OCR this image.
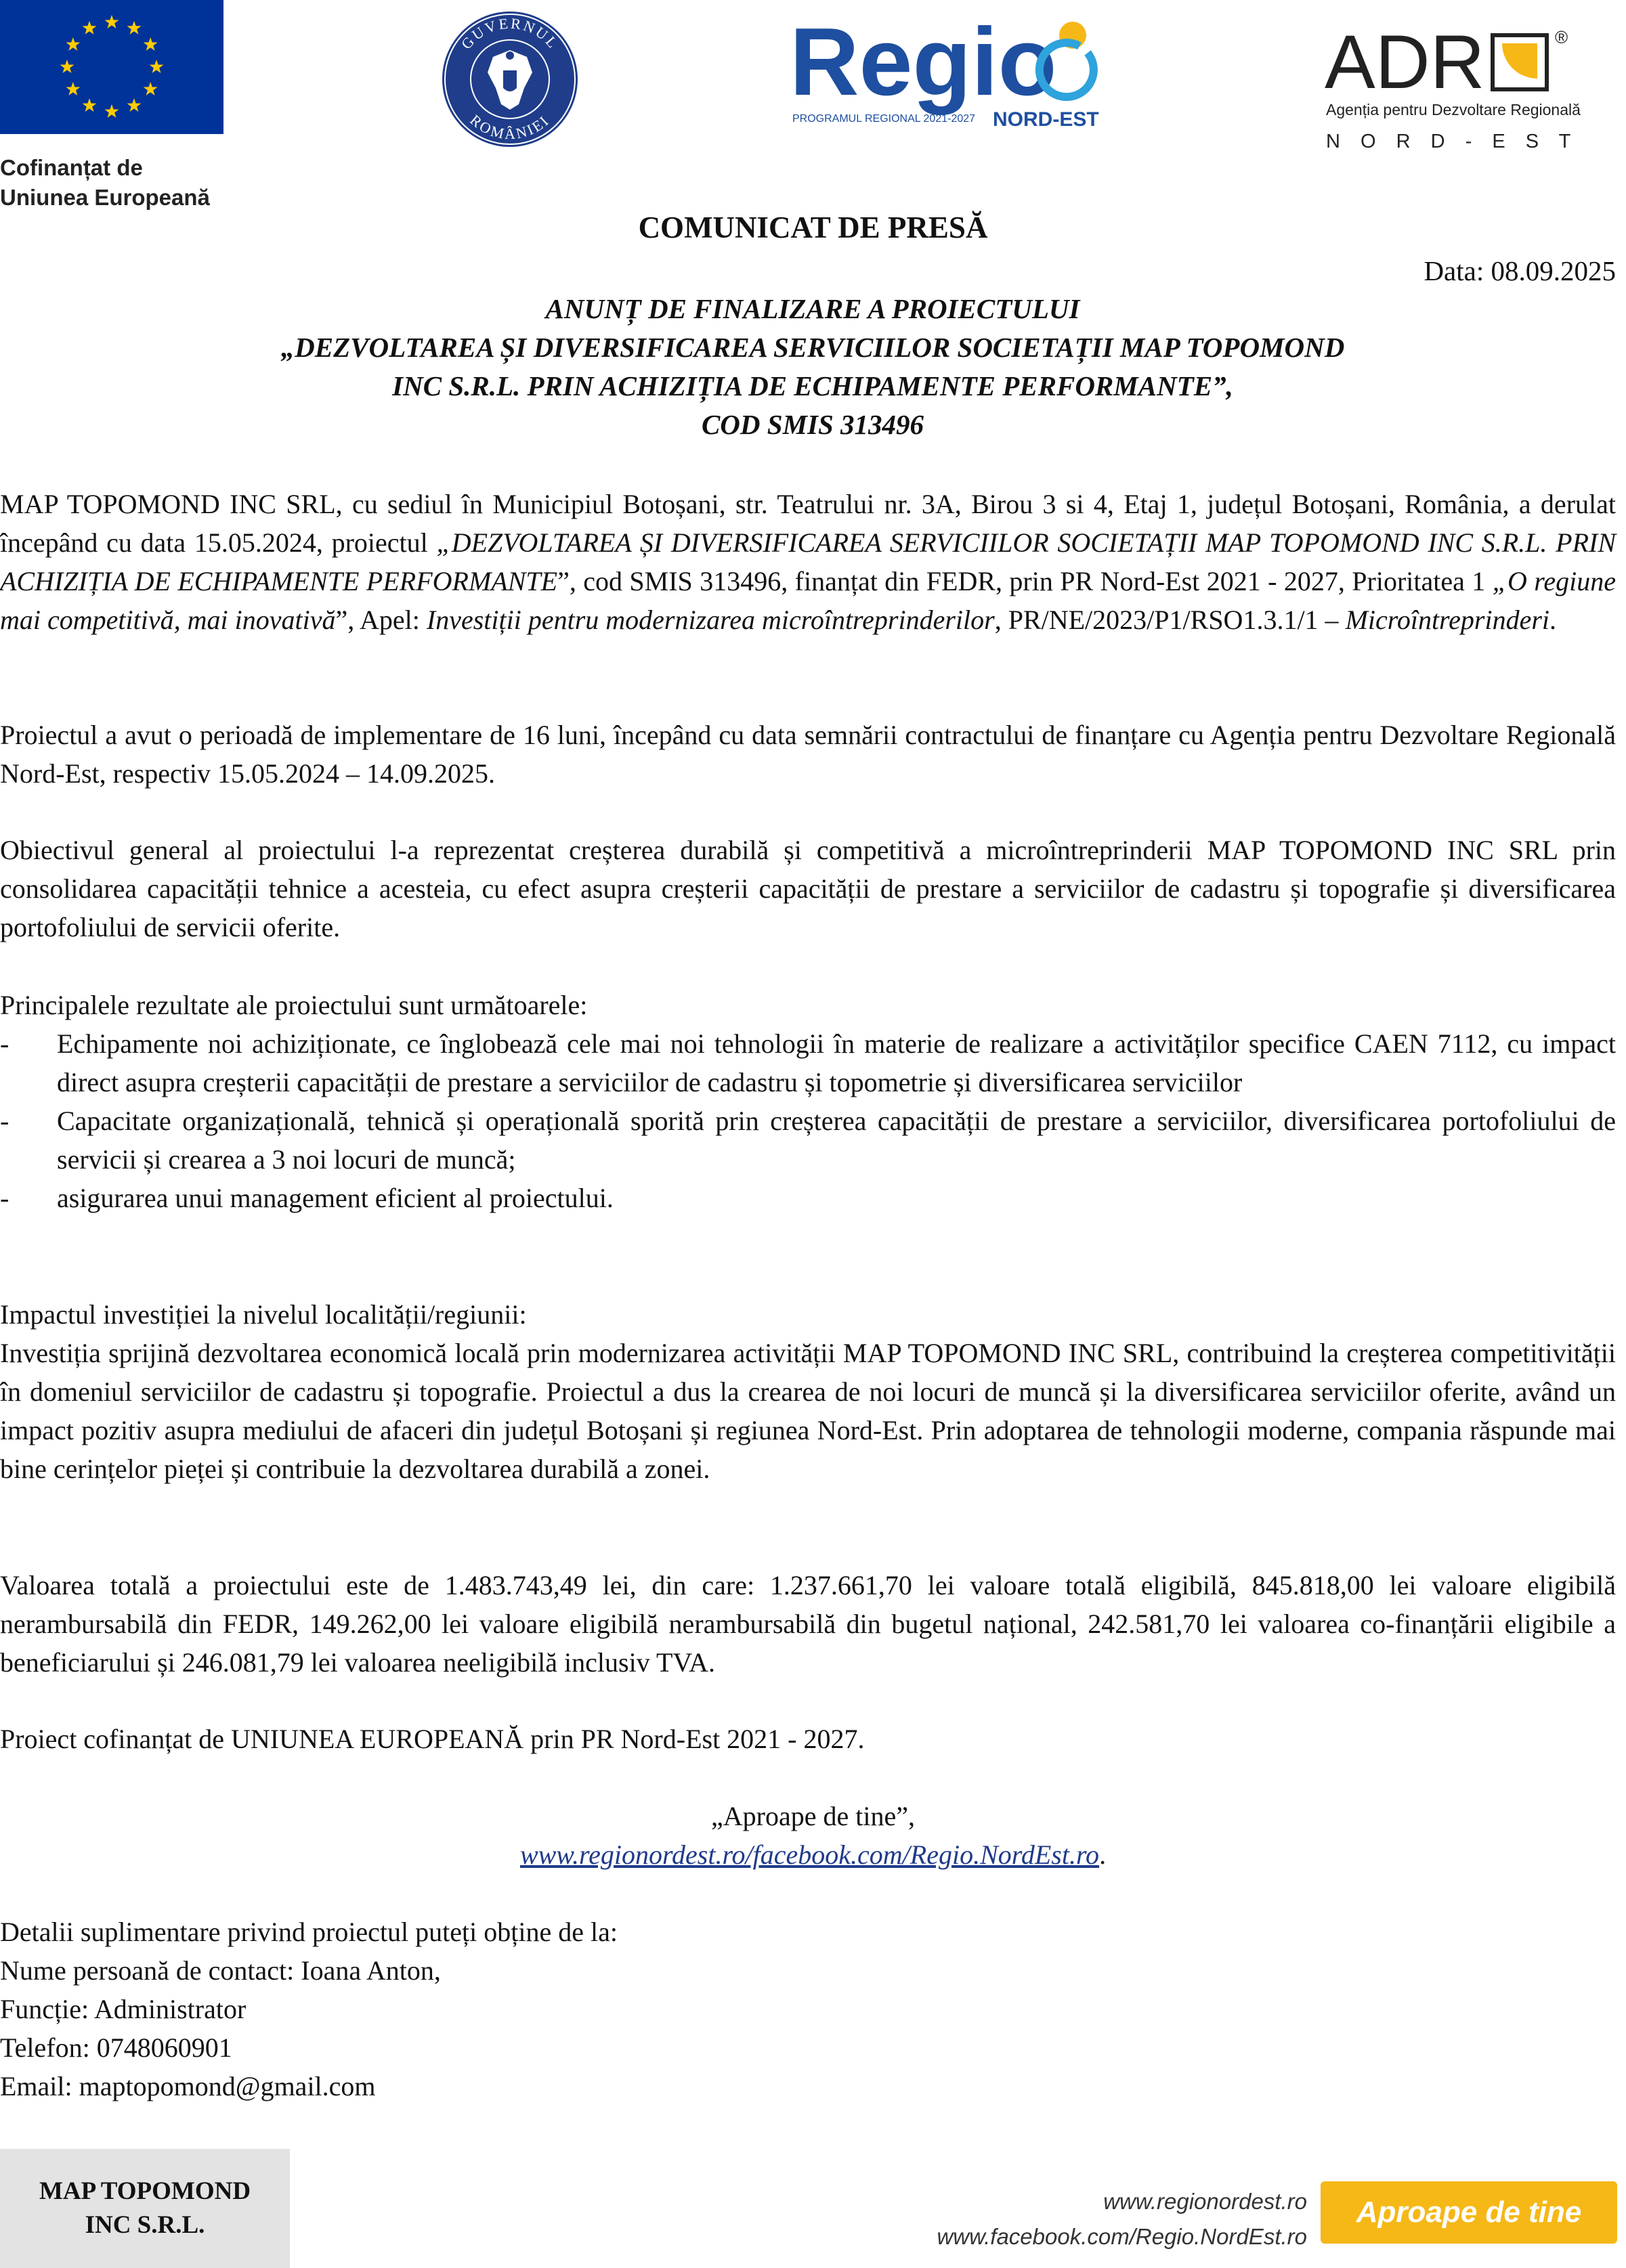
Cofinanțat de
Uniunea Europeană
GUVERNUL
ROMÂNIEI
Regio
PROGRAMUL REGIONAL 2021-2027 NORD-EST
ADR	®
Agenția pentru Dezvoltare Regională
N O R D - E S T
COMUNICAT DE PRESĂ
Data: 08.09.2025
ANUNȚ DE FINALIZARE A PROIECTULUI
„DEZVOLTAREA ȘI DIVERSIFICAREA SERVICIILOR SOCIETAȚII MAP TOPOMOND
INC S.R.L. PRIN ACHIZIȚIA DE ECHIPAMENTE PERFORMANTE”,
COD SMIS 313496

MAP TOPOMOND INC SRL, cu sediul în Municipiul Botoșani, str. Teatrului nr. 3A, Birou 3 si 4, Etaj 1, județul Botoșani, România, a derulat începând cu data 15.05.2024, proiectul „DEZVOLTAREA ȘI DIVERSIFICAREA SERVICIILOR SOCIETAȚII MAP TOPOMOND INC S.R.L. PRIN ACHIZIȚIA DE ECHIPAMENTE PERFORMANTE”, cod SMIS 313496, finanțat din FEDR, prin PR Nord-Est 2021 - 2027, Prioritatea 1 „O regiune mai competitivă, mai inovativă”, Apel: Investiții pentru modernizarea microîntreprinderilor, PR/NE/2023/P1/RSO1.3.1/1 – Microîntreprinderi.

Proiectul a avut o perioadă de implementare de 16 luni, începând cu data semnării contractului de finanțare cu Agenția pentru Dezvoltare Regională Nord-Est, respectiv 15.05.2024 – 14.09.2025.

Obiectivul general al proiectului l-a reprezentat creșterea durabilă și competitivă a microîntreprinderii MAP TOPOMOND INC SRL prin consolidarea capacității tehnice a acesteia, cu efect asupra creșterii capacității de prestare a serviciilor de cadastru și topografie și diversificarea portofoliului de servicii oferite.

Principalele rezultate ale proiectului sunt următoarele:
- Echipamente noi achiziționate, ce înglobează cele mai noi tehnologii în materie de realizare a activităților specifice CAEN 7112, cu impact direct asupra creșterii capacității de prestare a serviciilor de cadastru și topometrie și diversificarea serviciilor
- Capacitate organizațională, tehnică și operațională sporită prin creșterea capacității de prestare a serviciilor, diversificarea portofoliului de servicii și crearea a 3 noi locuri de muncă;
- asigurarea unui management eficient al proiectului.
Impactul investiției la nivelul localității/regiunii:

Investiția sprijină dezvoltarea economică locală prin modernizarea activității MAP TOPOMOND INC SRL, contribuind la creșterea competitivității în domeniul serviciilor de cadastru și topografie. Proiectul a dus la crearea de noi locuri de muncă și la diversificarea serviciilor oferite, având un impact pozitiv asupra mediului de afaceri din județul Botoșani și regiunea Nord-Est. Prin adoptarea de tehnologii moderne, compania răspunde mai bine cerințelor pieței și contribuie la dezvoltarea durabilă a zonei.

Valoarea totală a proiectului este de 1.483.743,49 lei, din care: 1.237.661,70 lei valoare totală eligibilă, 845.818,00 lei valoare eligibilă nerambursabilă din FEDR, 149.262,00 lei valoare eligibilă nerambursabilă din bugetul național, 242.581,70 lei valoarea co-finanțării eligibile a beneficiarului și 246.081,79 lei valoarea neeligibilă inclusiv TVA.

Proiect cofinanțat de UNIUNEA EUROPEANĂ prin PR Nord-Est 2021 - 2027.
„Aproape de tine”,
www.regionordest.ro/facebook.com/Regio.NordEst.ro.
Detalii suplimentare privind proiectul puteți obține de la:
Nume persoană de contact: Ioana Anton,
Funcție: Administrator
Telefon: 0748060901
Email: maptopomond@gmail.com
MAP TOPOMOND
INC S.R.L.
www.regionordest.ro
www.facebook.com/Regio.NordEst.ro
Aproape de tine
